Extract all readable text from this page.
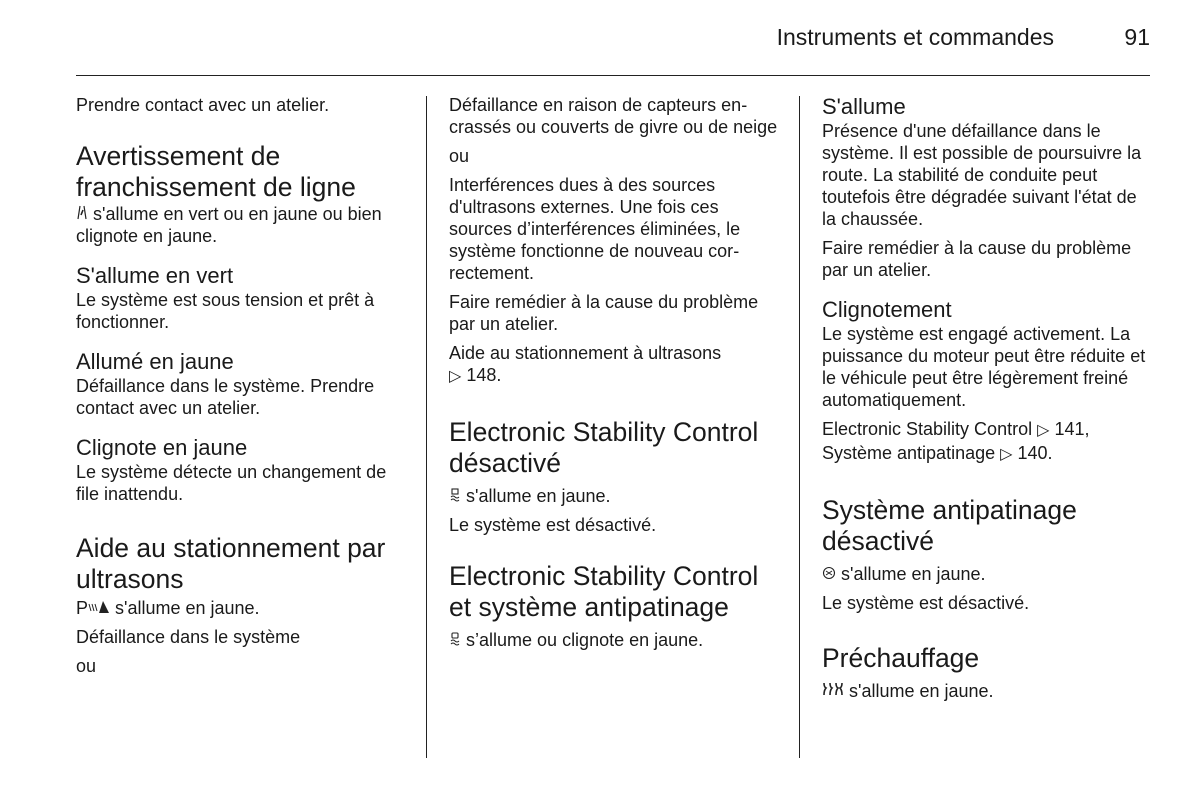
Instruments et commandes	91

Prendre contact avec un atelier.

Avertissement de franchissement de ligne

s'allume en vert ou en jaune ou bien clignote en jaune.

S'allume en vert

Le système est sous tension et prêt à fonctionner.

Allumé en jaune

Défaillance dans le système. Prendre contact avec un atelier.

Clignote en jaune

Le système détecte un changement de file inattendu.

Aide au stationnement par ultrasons

P s'allume en jaune.

Défaillance dans le système

ou

Défaillance en raison de capteurs encrassés ou couverts de givre ou de neige

ou

Interférences dues à des sources d'ultrasons externes. Une fois ces sources d’interférences éliminées, le système fonctionne de nouveau correctement.

Faire remédier à la cause du problème par un atelier.

Aide au stationnement à ultrasons
▷ 148.

Electronic Stability Control désactivé

s'allume en jaune.

Le système est désactivé.

Electronic Stability Control et système antipatinage

s’allume ou clignote en jaune.

S'allume

Présence d'une défaillance dans le système. Il est possible de poursuivre la route. La stabilité de conduite peut toutefois être dégradée suivant l'état de la chaussée.

Faire remédier à la cause du problème par un atelier.

Clignotement

Le système est engagé activement. La puissance du moteur peut être réduite et le véhicule peut être légèrement freiné automatiquement.

Electronic Stability Control ▷ 141,
Système antipatinage ▷ 140.

Système antipatinage désactivé

s'allume en jaune.

Le système est désactivé.

Préchauffage

s'allume en jaune.
